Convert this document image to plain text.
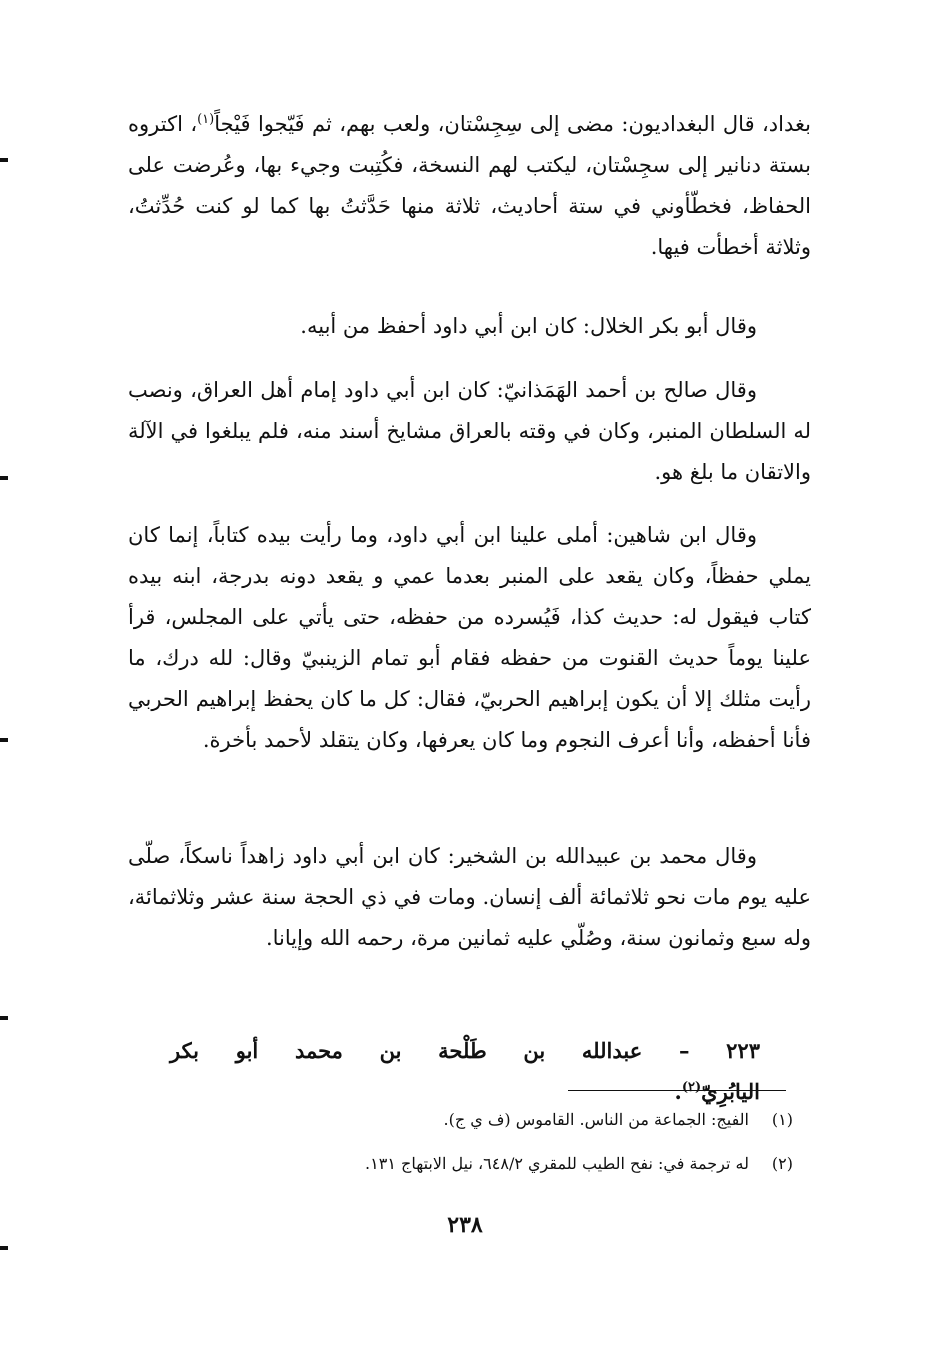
بغداد، قال البغداديون: مضى إلى سِجِسْتان، ولعب بهم، ثم فَيّجوا فَيْجاً$^{(١)}$، اكتروه بستة دنانير إلى سجِسْتان، ليكتب لهم النسخة، فكُتِبت وجيء بها، وعُرضت على الحفاظ، فخطّأوني في ستة أحاديث، ثلاثة منها حَدَّثتُ بها كما لو كنت حُدِّثتُ، وثلاثة أخطأت فيها.

وقال أبو بكر الخلال: كان ابن أبي داود أحفظ من أبيه.

وقال صالح بن أحمد الهَمَذانيّ: كان ابن أبي داود إمام أهل العراق، ونصب له السلطان المنبر، وكان في وقته بالعراق مشايخ أسند منه، فلم يبلغوا في الآلة والاتقان ما بلغ هو.

وقال ابن شاهين: أملى علينا ابن أبي داود، وما رأيت بيده كتاباً، إنما كان يملي حفظاً، وكان يقعد على المنبر بعدما عمي و يقعد دونه بدرجة، ابنه بيده كتاب فيقول له: حديث كذا، فَيُسرده من حفظه، حتى يأتي على المجلس، قرأ علينا يوماً حديث القنوت من حفظه فقام أبو تمام الزينبيّ وقال: لله درك، ما رأيت مثلك إلا أن يكون إبراهيم الحربيّ، فقال: كل ما كان يحفظ إبراهيم الحربي فأنا أحفظه، وأنا أعرف النجوم وما كان يعرفها، وكان يتقلد لأحمد بأخرة.

وقال محمد بن عبيدالله بن الشخير: كان ابن أبي داود زاهداً ناسكاً، صلّى عليه يوم مات نحو ثلاثمائة ألف إنسان. ومات في ذي الحجة سنة عشر وثلاثمائة، وله سبع وثمانون سنة، وصُلّي عليه ثمانين مرة، رحمه الله وإيانا.

٢٢٣ – عبدالله بن طَلْحة بن محمد أبو بكر اليابُرِيّ$^{(٢)}$.
(١)الفيج: الجماعة من الناس. القاموس (ف ي ج).
(٢)له ترجمة في: نفح الطيب للمقري ٦٤٨/٢، نيل الابتهاج ١٣١.
٢٣٨
